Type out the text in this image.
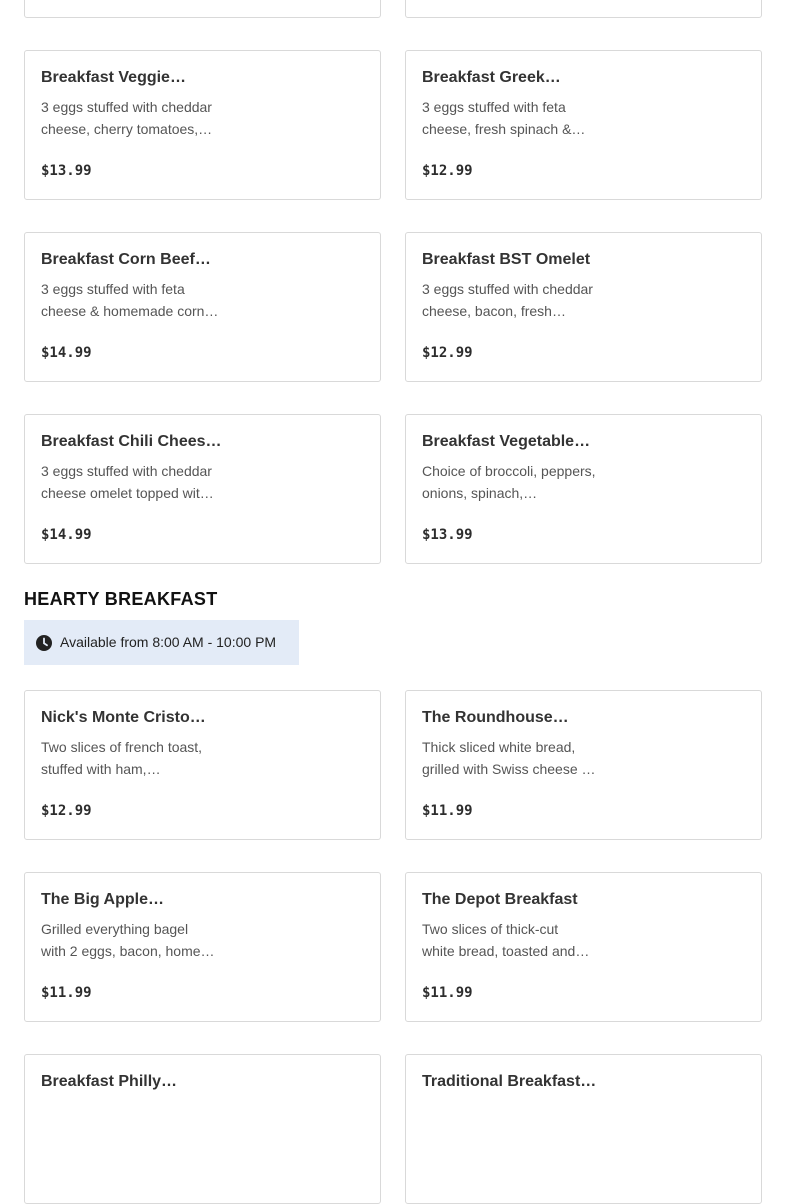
Breakfast Veggie…
3 eggs stuffed with cheddar
cheese, cherry tomatoes,…
$13.99
Breakfast Greek…
3 eggs stuffed with feta
cheese, fresh spinach &…
$12.99
Breakfast Corn Beef…
3 eggs stuffed with feta
cheese & homemade corn…
$14.99
Breakfast BST Omelet
3 eggs stuffed with cheddar
cheese, bacon, fresh…
$12.99
Breakfast Chili Chees…
3 eggs stuffed with cheddar
cheese omelet topped wit…
$14.99
Breakfast Vegetable…
Choice of broccoli, peppers,
onions, spinach,…
$13.99
HEARTY BREAKFAST
Available from 8:00 AM - 10:00 PM
Nick's Monte Cristo…
Two slices of french toast,
stuffed with ham,…
$12.99
The Roundhouse…
Thick sliced white bread,
grilled with Swiss cheese …
$11.99
The Big Apple…
Grilled everything bagel
with 2 eggs, bacon, home…
$11.99
The Depot Breakfast
Two slices of thick-cut
white bread, toasted and…
$11.99
Breakfast Philly…	Traditional Breakfast…
